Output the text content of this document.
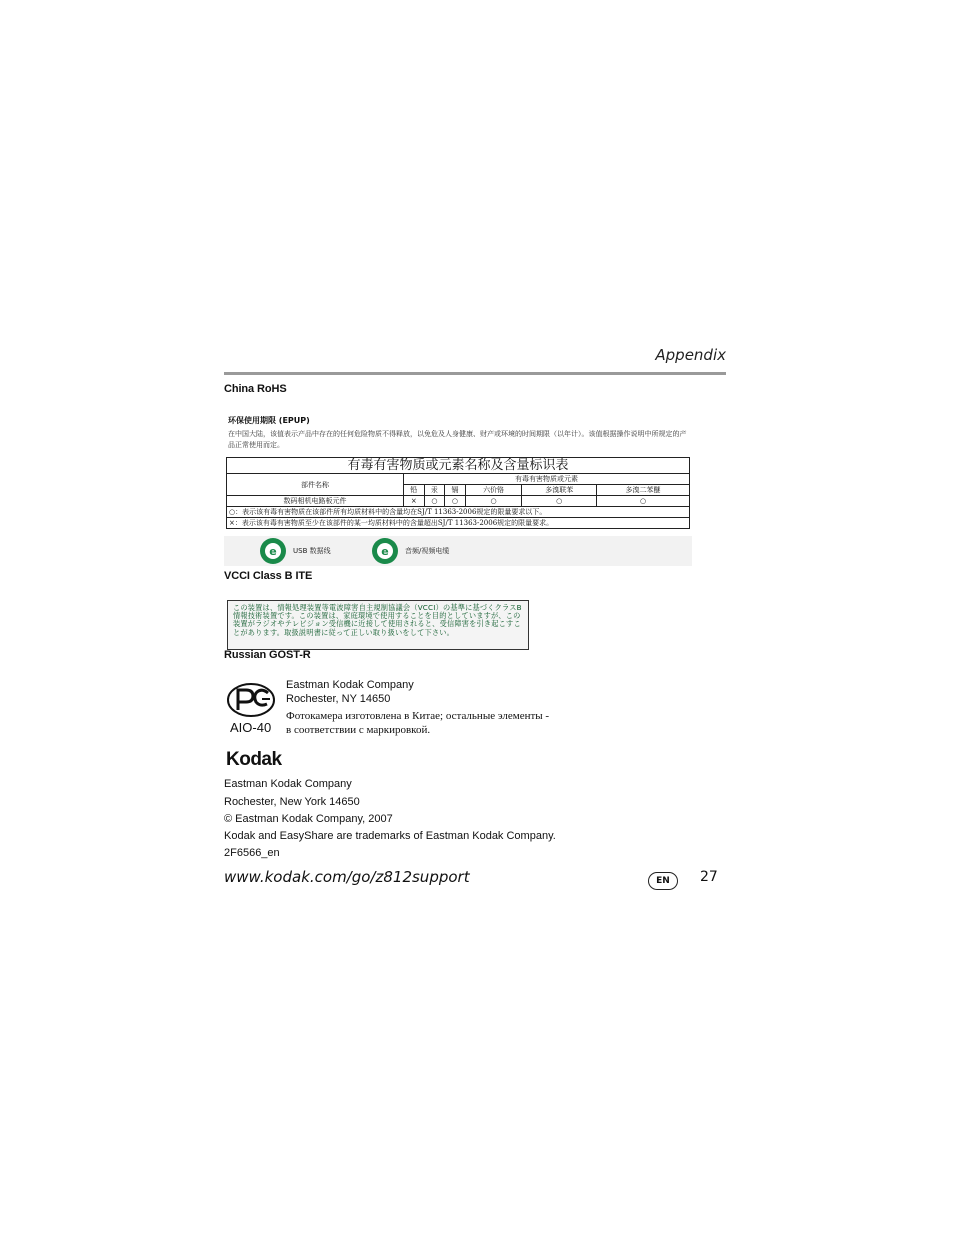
Appendix
China RoHS
环保使用期限 (EPUP)
在中国大陆，该值表示产品中存在的任何危险物质不得释放，以免危及人身健康、财产或环境的时间期限（以年计）。该值根据操作说明中所规定的产品正常使用而定。
有毒有害物质或元素名称及含量标识表						
部件名称	有毒有害物质或元素					
	铅	汞	镉	六价铬	多溴联苯	多溴二苯醚
数码相机电路板元件	×	○	○	○	○	○
○：表示该有毒有害物质在该部件所有均质材料中的含量均在SJ/T 11363-2006规定的限量要求以下。						
×：表示该有毒有害物质至少在该部件的某一均质材料中的含量超出SJ/T 11363-2006规定的限量要求。						
e USB 数据线	e 音频/视频电缆
VCCI Class B ITE
この装置は、情報処理装置等電波障害自主規制協議会（VCCI）の基準に基づくクラスB情報技術装置です。この装置は、家庭環境で使用することを目的としていますが、この装置がラジオやテレビジョン受信機に近接して使用されると、受信障害を引き起こすことがあります。取扱説明書に従って正しい取り扱いをして下さい。
Russian GOST-R
AIO-40
Eastman Kodak Company
Rochester, NY 14650
Фотокамера изготовлена в Китае; остальные элементы -
в соответствии с маркировкой.
Kodak
Eastman Kodak Company
Rochester, New York 14650
© Eastman Kodak Company, 2007
Kodak and EasyShare are trademarks of Eastman Kodak Company.
2F6566_en
www.kodak.com/go/z812support	EN	27
